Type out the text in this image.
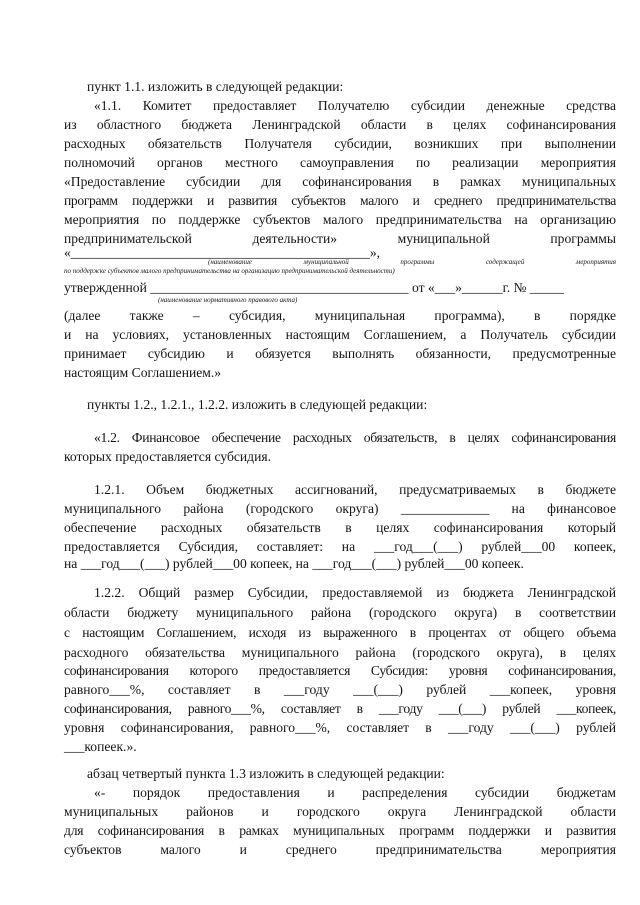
пункт 1.1. изложить в следующей редакции:
«1.1. Комитет предоставляет Получателю субсидии денежные средства
из областного бюджета Ленинградской области в целях софинансирования
расходных обязательств Получателя субсидии, возникших при выполнении
полномочий органов местного самоуправления по реализации мероприятия
«Предоставление субсидии для софинансирования в рамках муниципальных
программ поддержки и развития субъектов малого и среднего предпринимательства
мероприятия по поддержке субъектов малого предпринимательства на организацию
предпринимательской деятельности» муниципальной программы
«____________________________________________»,
(наименование муниципальной программы содержащей мероприятия
по поддержке субъектов малого предпринимательства на организацию предпринимательской деятельности)
утвержденной ______________________________________ от «___»______г. № _____
(наименование нормативного правового акта)
(далее также – субсидия, муниципальная программа), в порядке
и на условиях, установленных настоящим Соглашением, а Получатель субсидии
принимает субсидию и обязуется выполнять обязанности, предусмотренные
настоящим Соглашением.»
пункты 1.2., 1.2.1., 1.2.2. изложить в следующей редакции:
«1.2. Финансовое обеспечение расходных обязательств, в целях софинансирования
которых предоставляется субсидия.
1.2.1. Объем бюджетных ассигнований, предусматриваемых в бюджете
муниципального района (городского округа) _____________ на финансовое
обеспечение расходных обязательств в целях софинансирования который
предоставляется Субсидия, составляет: на ___год___(___) рублей___00 копеек,
на ___год___(___) рублей___00 копеек, на ___год___(___) рублей___00 копеек.
1.2.2. Общий размер Субсидии, предоставляемой из бюджета Ленинградской
области бюджету муниципального района (городского округа) в соответствии
с настоящим Соглашением, исходя из выраженного в процентах от общего объема
расходного обязательства муниципального района (городского округа), в целях
софинансирования которого предоставляется Субсидия: уровня софинансирования,
равного___%, составляет в ___году ___(___) рублей ___копеек, уровня
софинансирования, равного___%, составляет в ___году ___(___) рублей ___копеек,
уровня софинансирования, равного___%, составляет в ___году ___(___) рублей
___копеек.».
абзац четвертый пункта 1.3 изложить в следующей редакции:
«- порядок предоставления и распределения субсидии бюджетам
муниципальных районов и городского округа Ленинградской области
для софинансирования в рамках муниципальных программ поддержки и развития
субъектов малого и среднего предпринимательства мероприятия
